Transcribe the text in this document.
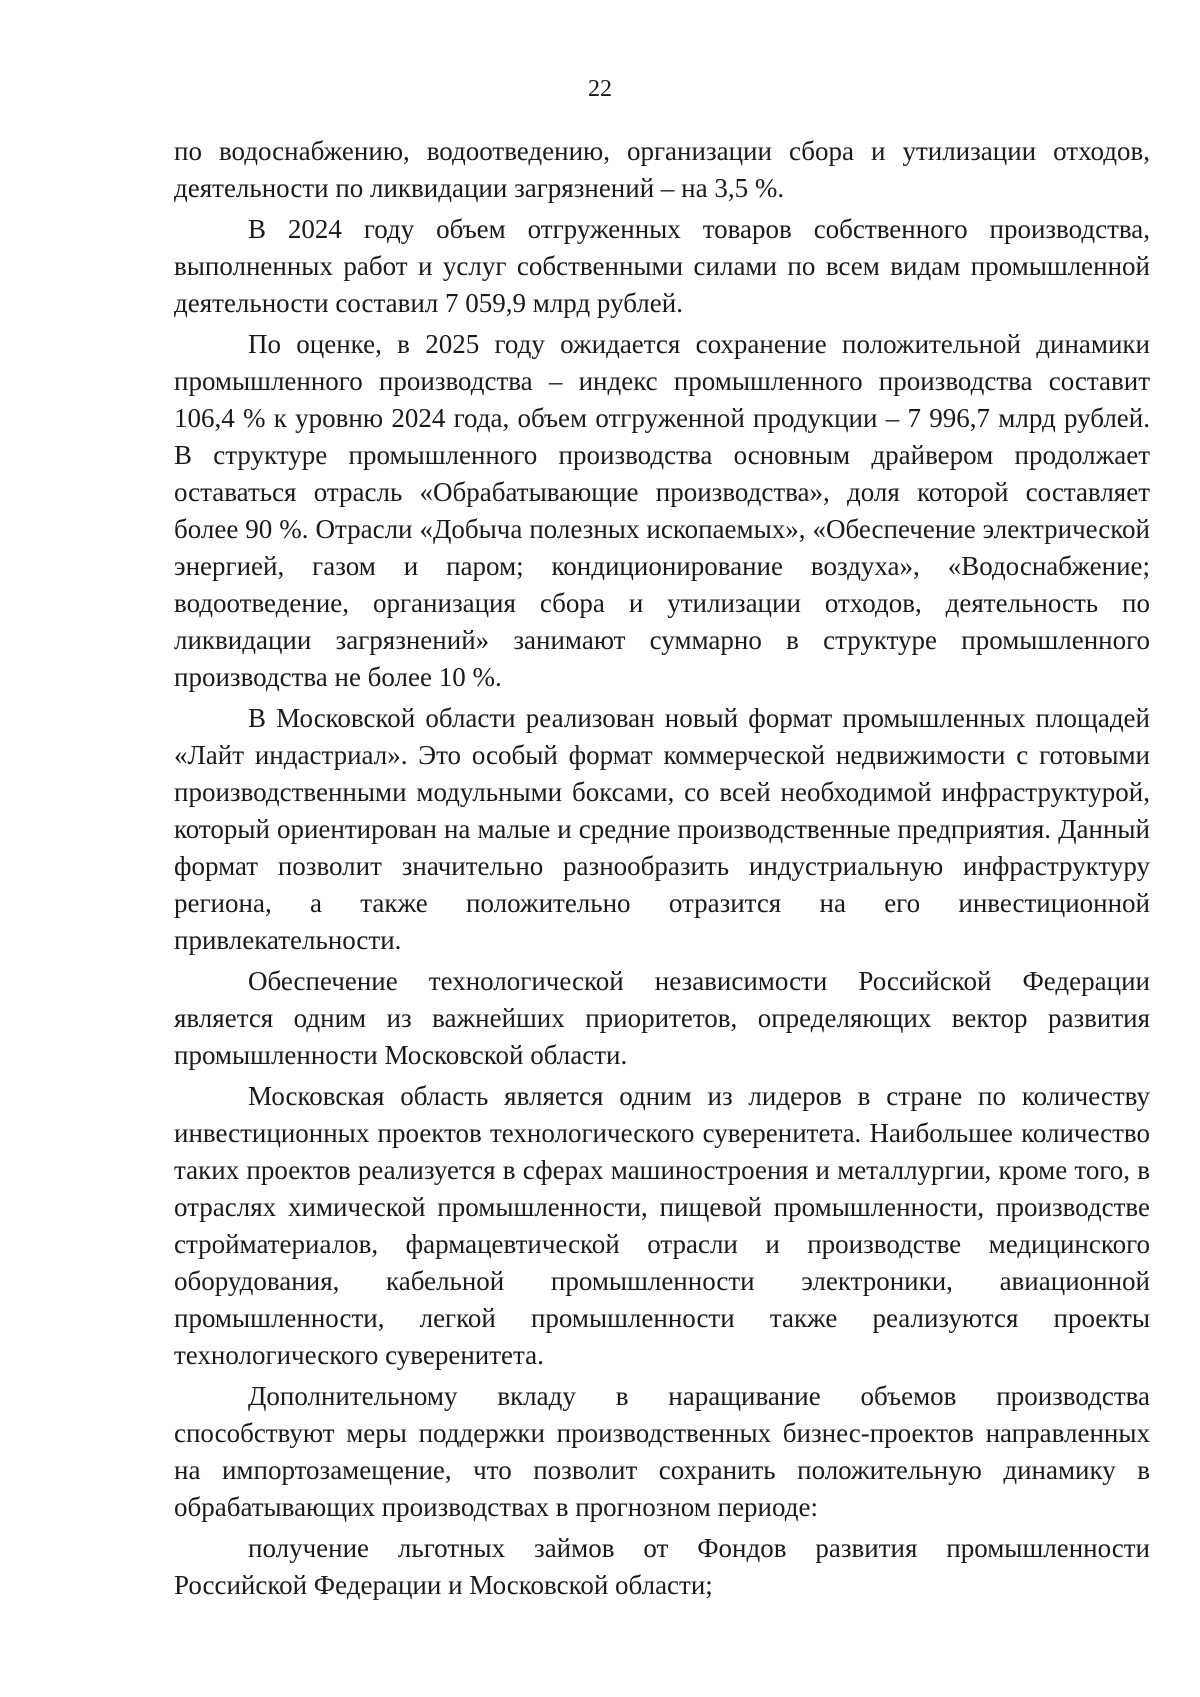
22

по водоснабжению, водоотведению, организации сбора и утилизации отходов, деятельности по ликвидации загрязнений – на 3,5 %.

В 2024 году объем отгруженных товаров собственного производства, выполненных работ и услуг собственными силами по всем видам промышленной деятельности составил 7 059,9 млрд рублей.

По оценке, в 2025 году ожидается сохранение положительной динамики промышленного производства – индекс промышленного производства составит 106,4 % к уровню 2024 года, объем отгруженной продукции – 7 996,7 млрд рублей. В структуре промышленного производства основным драйвером продолжает оставаться отрасль «Обрабатывающие производства», доля которой составляет более 90 %. Отрасли «Добыча полезных ископаемых», «Обеспечение электрической энергией, газом и паром; кондиционирование воздуха», «Водоснабжение; водоотведение, организация сбора и утилизации отходов, деятельность по ликвидации загрязнений» занимают суммарно в структуре промышленного производства не более 10 %.

В Московской области реализован новый формат промышленных площадей «Лайт индастриал». Это особый формат коммерческой недвижимости с готовыми производственными модульными боксами, со всей необходимой инфраструктурой, который ориентирован на малые и средние производственные предприятия. Данный формат позволит значительно разнообразить индустриальную инфраструктуру региона, а также положительно отразится на его инвестиционной привлекательности.

Обеспечение технологической независимости Российской Федерации является одним из важнейших приоритетов, определяющих вектор развития промышленности Московской области.

Московская область является одним из лидеров в стране по количеству инвестиционных проектов технологического суверенитета. Наибольшее количество таких проектов реализуется в сферах машиностроения и металлургии, кроме того, в отраслях химической промышленности, пищевой промышленности, производстве стройматериалов, фармацевтической отрасли и производстве медицинского оборудования, кабельной промышленности электроники, авиационной промышленности, легкой промышленности также реализуются проекты технологического суверенитета.

Дополнительному вкладу в наращивание объемов производства способствуют меры поддержки производственных бизнес-проектов направленных на импортозамещение, что позволит сохранить положительную динамику в обрабатывающих производствах в прогнозном периоде:

получение льготных займов от Фондов развития промышленности Российской Федерации и Московской области;
